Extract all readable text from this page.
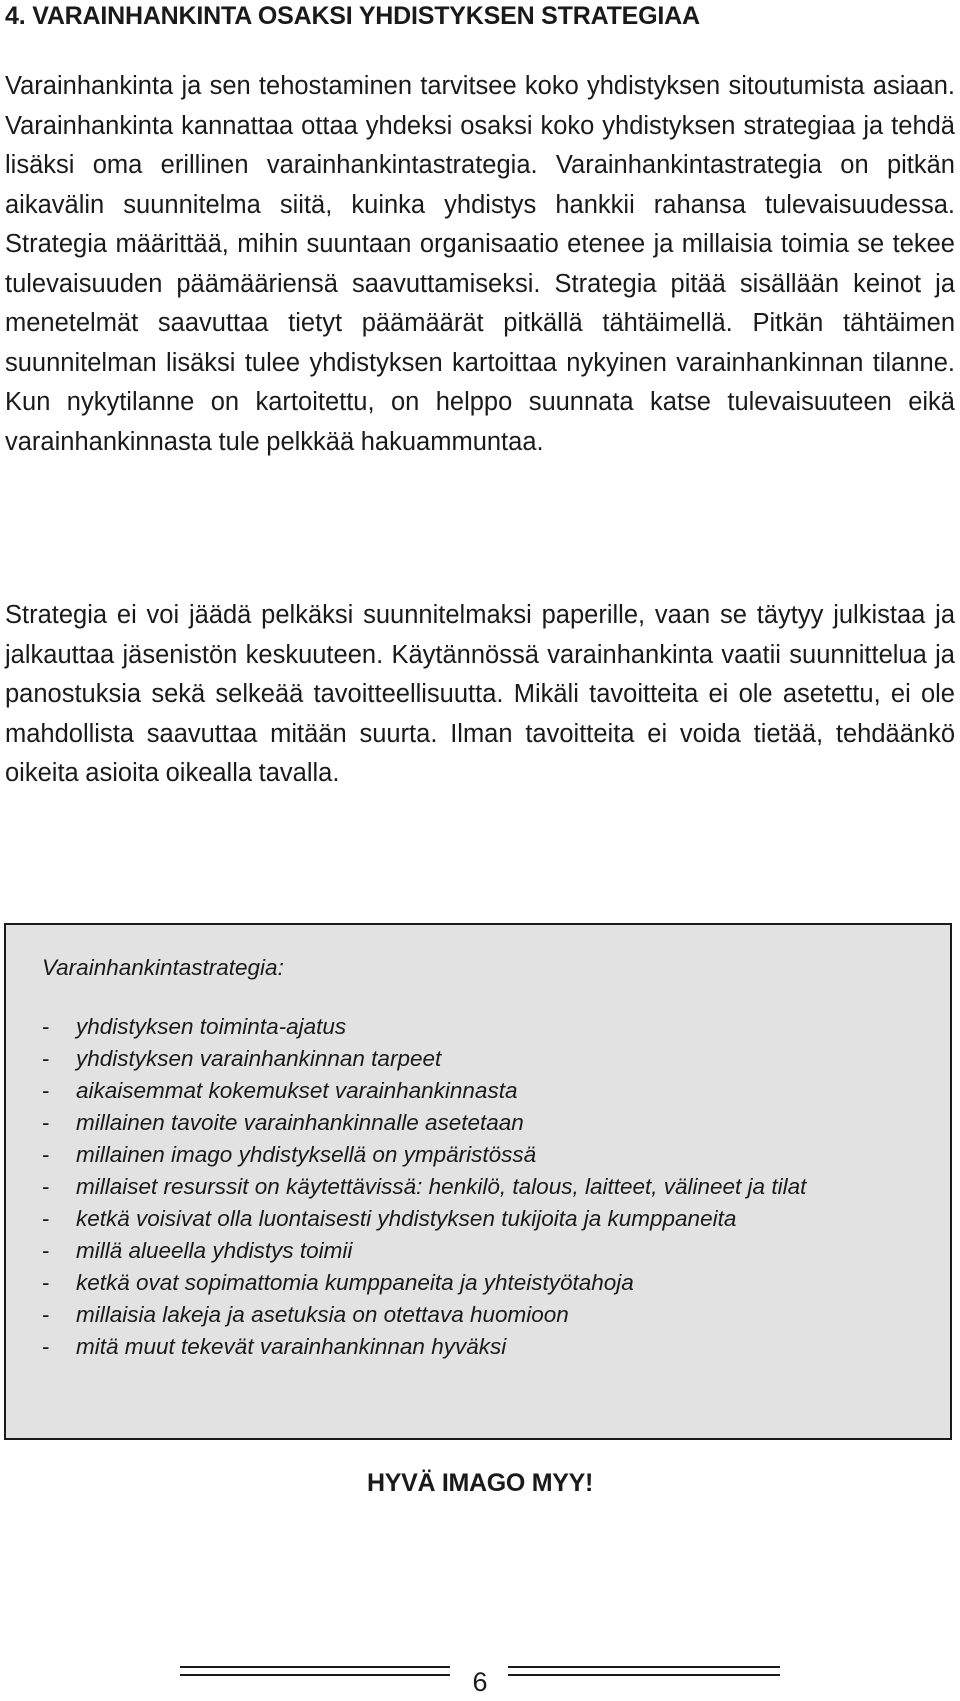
4. VARAINHANKINTA OSAKSI YHDISTYKSEN STRATEGIAA

Varainhankinta ja sen tehostaminen tarvitsee koko yhdistyksen sitoutumista asiaan. Varainhankinta kannattaa ottaa yhdeksi osaksi koko yhdistyksen strategiaa ja tehdä lisäksi oma erillinen varainhankintastrategia. Varainhankintastrategia on pitkän aikavälin suunnitelma siitä, kuinka yhdistys hankkii rahansa tulevaisuudessa. Strategia määrittää, mihin suuntaan organisaatio etenee ja millaisia toimia se tekee tulevaisuuden päämääriensä saavuttamiseksi. Strategia pitää sisällään keinot ja menetelmät saavuttaa tietyt päämäärät pitkällä tähtäimellä. Pitkän tähtäimen suunnitelman lisäksi tulee yhdistyksen kartoittaa nykyinen varainhankinnan tilanne. Kun nykytilanne on kartoitettu, on helppo suunnata katse tulevaisuuteen eikä varainhankinnasta tule pelkkää hakuammuntaa.

Strategia ei voi jäädä pelkäksi suunnitelmaksi paperille, vaan se täytyy julkistaa ja jalkauttaa jäsenistön keskuuteen. Käytännössä varainhankinta vaatii suunnittelua ja panostuksia sekä selkeää tavoitteellisuutta. Mikäli tavoitteita ei ole asetettu, ei ole mahdollista saavuttaa mitään suurta. Ilman tavoitteita ei voida tietää, tehdäänkö oikeita asioita oikealla tavalla.

Varainhankintastrategia:

- yhdistyksen toiminta-ajatus
- yhdistyksen varainhankinnan tarpeet
- aikaisemmat kokemukset varainhankinnasta
- millainen tavoite varainhankinnalle asetetaan
- millainen imago yhdistyksellä on ympäristössä
- millaiset resurssit on käytettävissä: henkilö, talous, laitteet, välineet ja tilat
- ketkä voisivat olla luontaisesti yhdistyksen tukijoita ja kumppaneita
- millä alueella yhdistys toimii
- ketkä ovat sopimattomia kumppaneita ja yhteistyötahoja
- millaisia lakeja ja asetuksia on otettava huomioon
- mitä muut tekevät varainhankinnan hyväksi

HYVÄ IMAGO MYY!

6
